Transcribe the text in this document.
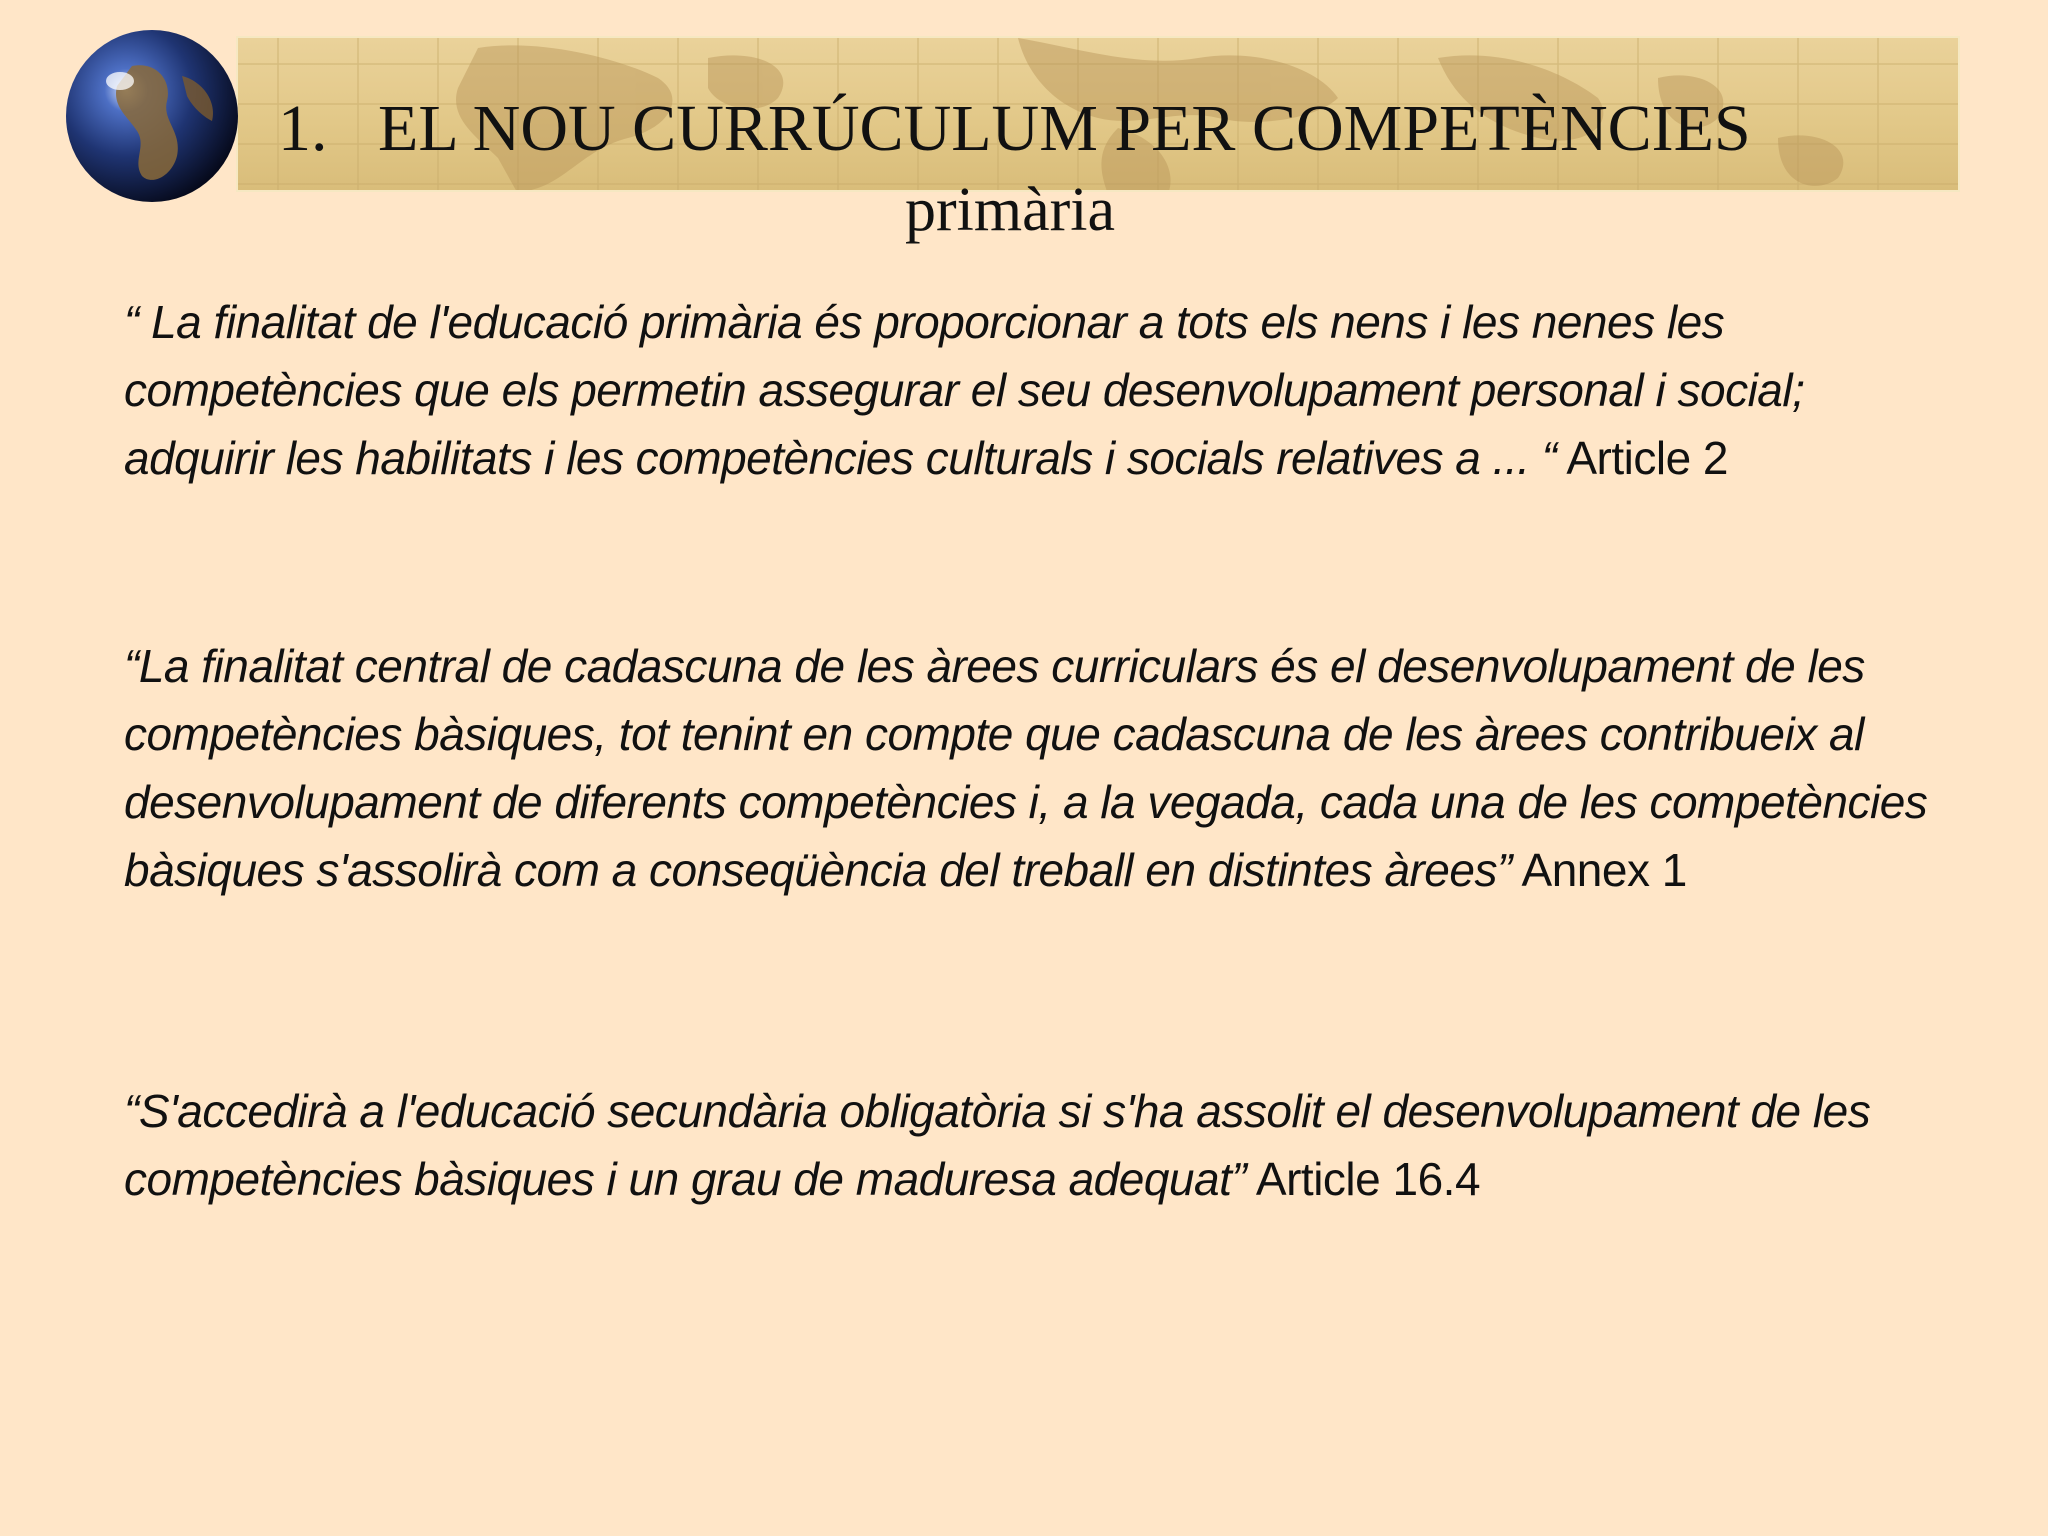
1. EL NOU CURRÚCULUM PER COMPETÈNCIES
primària
“ La finalitat de l'educació primària és proporcionar a tots els nens i les nenes les competències que els permetin assegurar el seu desenvolupament personal i social; adquirir les habilitats i les competències culturals i socials relatives a ... “ Article 2
“La finalitat central de cadascuna de les àrees curriculars és el desenvolupament de les competències bàsiques, tot tenint en compte que cadascuna de les àrees contribueix al desenvolupament de diferents competències i, a la vegada, cada una de les competències bàsiques s'assolirà com a conseqüència del treball en distintes àrees” Annex 1
“S'accedirà a l'educació secundària obligatòria si s'ha assolit el desenvolupament de les competències bàsiques i un grau de maduresa adequat” Article 16.4
